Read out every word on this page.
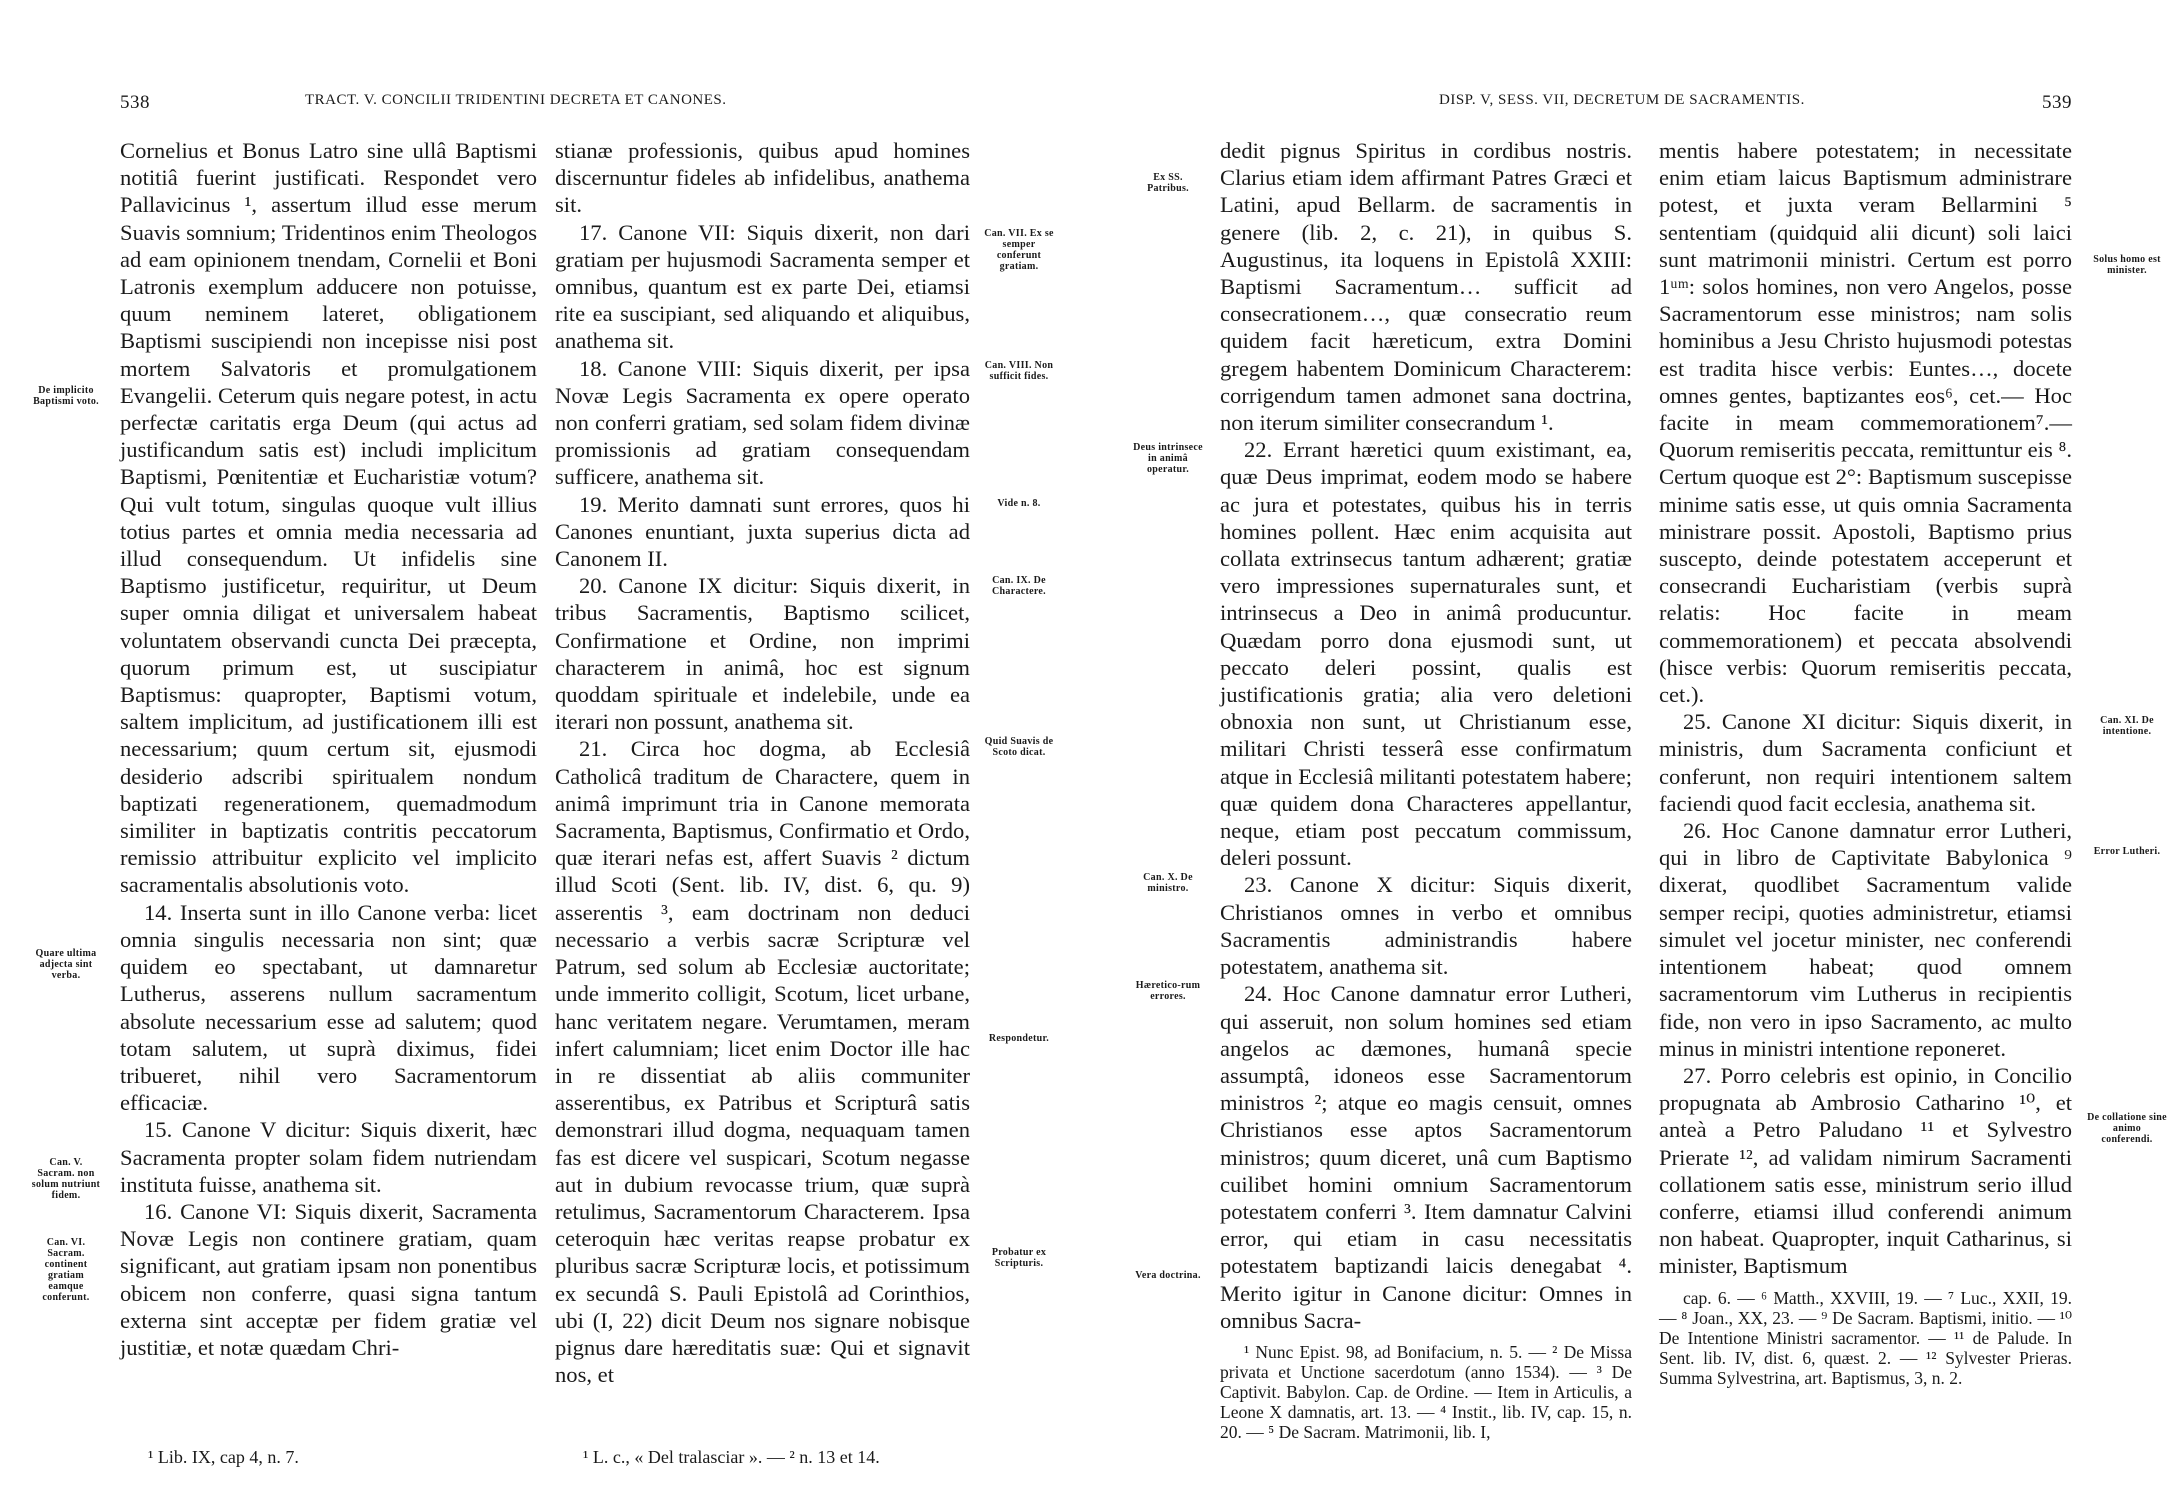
538	TRACT. V. CONCILII TRIDENTINI DECRETA ET CANONES.

Cornelius et Bonus Latro sine ullâ Baptismi notitiâ fuerint justificati. Respondet vero Pallavicinus ¹, assertum illud esse merum Suavis somnium; Tridentinos enim Theologos ad eam opinionem tnendam, Cornelii et Boni Latronis exemplum adducere non potuisse, quum neminem lateret, obligationem Baptismi suscipiendi non incepisse nisi post mortem Salvatoris et promulgationem Evangelii. Ceterum quis negare potest, in actu perfectæ caritatis erga Deum (qui actus ad justificandum satis est) includi implicitum Baptismi, Pœnitentiæ et Eucharistiæ votum? Qui vult totum, singulas quoque vult illius totius partes et omnia media necessaria ad illud consequendum. Ut infidelis sine Baptismo justificetur, requiritur, ut Deum super omnia diligat et universalem habeat voluntatem observandi cuncta Dei præcepta, quorum primum est, ut suscipiatur Baptismus: quapropter, Baptismi votum, saltem implicitum, ad justificationem illi est necessarium; quum certum sit, ejusmodi desiderio adscribi spiritualem nondum baptizati regenerationem, quemadmodum similiter in baptizatis contritis peccatorum remissio attribuitur explicito vel implicito sacramentalis absolutionis voto.

14. Inserta sunt in illo Canone verba: licet omnia singulis necessaria non sint; quæ quidem eo spectabant, ut damnaretur Lutherus, asserens nullum sacramentum absolute necessarium esse ad salutem; quod totam salutem, ut suprà diximus, fidei tribueret, nihil vero Sacramentorum efficaciæ.

15. Canone V dicitur: Siquis dixerit, hæc Sacramenta propter solam fidem nutriendam instituta fuisse, anathema sit.

16. Canone VI: Siquis dixerit, Sacramenta Novæ Legis non continere gratiam, quam significant, aut gratiam ipsam non ponentibus obicem non conferre, quasi signa tantum externa sint acceptæ per fidem gratiæ vel justitiæ, et notæ quædam Chri-

¹ Lib. IX, cap 4, n. 7.

stianæ professionis, quibus apud homines discernuntur fideles ab infidelibus, anathema sit.

17. Canone VII: Siquis dixerit, non dari gratiam per hujusmodi Sacramenta semper et omnibus, quantum est ex parte Dei, etiamsi rite ea suscipiant, sed aliquando et aliquibus, anathema sit.

18. Canone VIII: Siquis dixerit, per ipsa Novæ Legis Sacramenta ex opere operato non conferri gratiam, sed solam fidem divinæ promissionis ad gratiam consequendam sufficere, anathema sit.

19. Merito damnati sunt errores, quos hi Canones enuntiant, juxta superius dicta ad Canonem II.

20. Canone IX dicitur: Siquis dixerit, in tribus Sacramentis, Baptismo scilicet, Confirmatione et Ordine, non imprimi characterem in animâ, hoc est signum quoddam spirituale et indelebile, unde ea iterari non possunt, anathema sit.

21. Circa hoc dogma, ab Ecclesiâ Catholicâ traditum de Charactere, quem in animâ imprimunt tria in Canone memorata Sacramenta, Baptismus, Confirmatio et Ordo, quæ iterari nefas est, affert Suavis ² dictum illud Scoti (Sent. lib. IV, dist. 6, qu. 9) asserentis ³, eam doctrinam non deduci necessario a verbis sacræ Scripturæ vel Patrum, sed solum ab Ecclesiæ auctoritate; unde immerito colligit, Scotum, licet urbane, hanc veritatem negare. Verumtamen, meram infert calumniam; licet enim Doctor ille hac in re dissentiat ab aliis communiter asserentibus, ex Patribus et Scripturâ satis demonstrari illud dogma, nequaquam tamen fas est dicere vel suspicari, Scotum negasse aut in dubium revocasse trium, quæ suprà retulimus, Sacramentorum Characterem. Ipsa ceteroquin hæc veritas reapse probatur ex pluribus sacræ Scripturæ locis, et potissimum ex secundâ S. Pauli Epistolâ ad Corinthios, ubi (I, 22) dicit Deum nos signare nobisque pignus dare hæreditatis suæ: Qui et signavit nos, et

¹ L. c., « Del tralasciar ». — ² n. 13 et 14.
De implicito Baptismi voto.
Quare ultima adjecta sint verba.
Can. V. Sacram. non solum nutriunt fidem.
Can. VI. Sacram. continent gratiam eamque conferunt.
Can. VII. Ex se semper conferunt gratiam.
Can. VIII. Non sufficit fides.
Vide n. 8.
Can. IX. De Charactere.
Quid Suavis de Scoto dicat.
Respondetur.
Probatur ex Scripturis.
DISP. V, SESS. VII, DECRETUM DE SACRAMENTIS.	539

dedit pignus Spiritus in cordibus nostris. Clarius etiam idem affirmant Patres Græci et Latini, apud Bellarm. de sacramentis in genere (lib. 2, c. 21), in quibus S. Augustinus, ita loquens in Epistolâ XXIII: Baptismi Sacramentum… sufficit ad consecrationem…, quæ consecratio reum quidem facit hæreticum, extra Domini gregem habentem Dominicum Characterem: corrigendum tamen admonet sana doctrina, non iterum similiter consecrandum ¹.

22. Errant hæretici quum existimant, ea, quæ Deus imprimat, eodem modo se habere ac jura et potestates, quibus his in terris homines pollent. Hæc enim acquisita aut collata extrinsecus tantum adhærent; gratiæ vero impressiones supernaturales sunt, et intrinsecus a Deo in animâ producuntur. Quædam porro dona ejusmodi sunt, ut peccato deleri possint, qualis est justificationis gratia; alia vero deletioni obnoxia non sunt, ut Christianum esse, militari Christi tesserâ esse confirmatum atque in Ecclesiâ militanti potestatem habere; quæ quidem dona Characteres appellantur, neque, etiam post peccatum commissum, deleri possunt.

23. Canone X dicitur: Siquis dixerit, Christianos omnes in verbo et omnibus Sacramentis administrandis habere potestatem, anathema sit.

24. Hoc Canone damnatur error Lutheri, qui asseruit, non solum homines sed etiam angelos ac dæmones, humanâ specie assumptâ, idoneos esse Sacramentorum ministros ²; atque eo magis censuit, omnes Christianos esse aptos Sacramentorum ministros; quum diceret, unâ cum Baptismo cuilibet homini omnium Sacramentorum potestatem conferri ³. Item damnatur Calvini error, qui etiam in casu necessitatis potestatem baptizandi laicis denegabat ⁴. Merito igitur in Canone dicitur: Omnes in omnibus Sacra-

¹ Nunc Epist. 98, ad Bonifacium, n. 5. — ² De Missa privata et Unctione sacerdotum (anno 1534). — ³ De Captivit. Babylon. Cap. de Ordine. — Item in Articulis, a Leone X damnatis, art. 13. — ⁴ Instit., lib. IV, cap. 15, n. 20. — ⁵ De Sacram. Matrimonii, lib. I,

mentis habere potestatem; in necessitate enim etiam laicus Baptismum administrare potest, et juxta veram Bellarmini ⁵ sententiam (quidquid alii dicunt) soli laici sunt matrimonii ministri. Certum est porro 1ᵘᵐ: solos homines, non vero Angelos, posse Sacramentorum esse ministros; nam solis hominibus a Jesu Christo hujusmodi potestas est tradita hisce verbis: Euntes…, docete omnes gentes, baptizantes eos⁶, cet.— Hoc facite in meam commemorationem⁷.— Quorum remiseritis peccata, remittuntur eis ⁸. Certum quoque est 2°: Baptismum suscepisse minime satis esse, ut quis omnia Sacramenta ministrare possit. Apostoli, Baptismo prius suscepto, deinde potestatem acceperunt et consecrandi Eucharistiam (verbis suprà relatis: Hoc facite in meam commemorationem) et peccata absolvendi (hisce verbis: Quorum remiseritis peccata, cet.).

25. Canone XI dicitur: Siquis dixerit, in ministris, dum Sacramenta conficiunt et conferunt, non requiri intentionem saltem faciendi quod facit ecclesia, anathema sit.

26. Hoc Canone damnatur error Lutheri, qui in libro de Captivitate Babylonica ⁹ dixerat, quodlibet Sacramentum valide semper recipi, quoties administretur, etiamsi simulet vel jocetur minister, nec conferendi intentionem habeat; quod omnem sacramentorum vim Lutherus in recipientis fide, non vero in ipso Sacramento, ac multo minus in ministri intentione reponeret.

27. Porro celebris est opinio, in Concilio propugnata ab Ambrosio Catharino ¹⁰, et anteà a Petro Paludano ¹¹ et Sylvestro Prierate ¹², ad validam nimirum Sacramenti collationem satis esse, ministrum serio illud conferre, etiamsi illud conferendi animum non habeat. Quapropter, inquit Catharinus, si minister, Baptismum

cap. 6. — ⁶ Matth., XXVIII, 19. — ⁷ Luc., XXII, 19. — ⁸ Joan., XX, 23. — ⁹ De Sacram. Baptismi, initio. — ¹⁰ De Intentione Ministri sacramentor. — ¹¹ de Palude. In Sent. lib. IV, dist. 6, quæst. 2. — ¹² Sylvester Prieras. Summa Sylvestrina, art. Baptismus, 3, n. 2.

Ex SS. Patribus.
Deus intrinsece in animâ operatur.
Can. X. De ministro.
Hæretico-rum errores.
Vera doctrina.
Solus homo est minister.
Can. XI. De intentione.
Error Lutheri.
De collatione sine animo conferendi.
